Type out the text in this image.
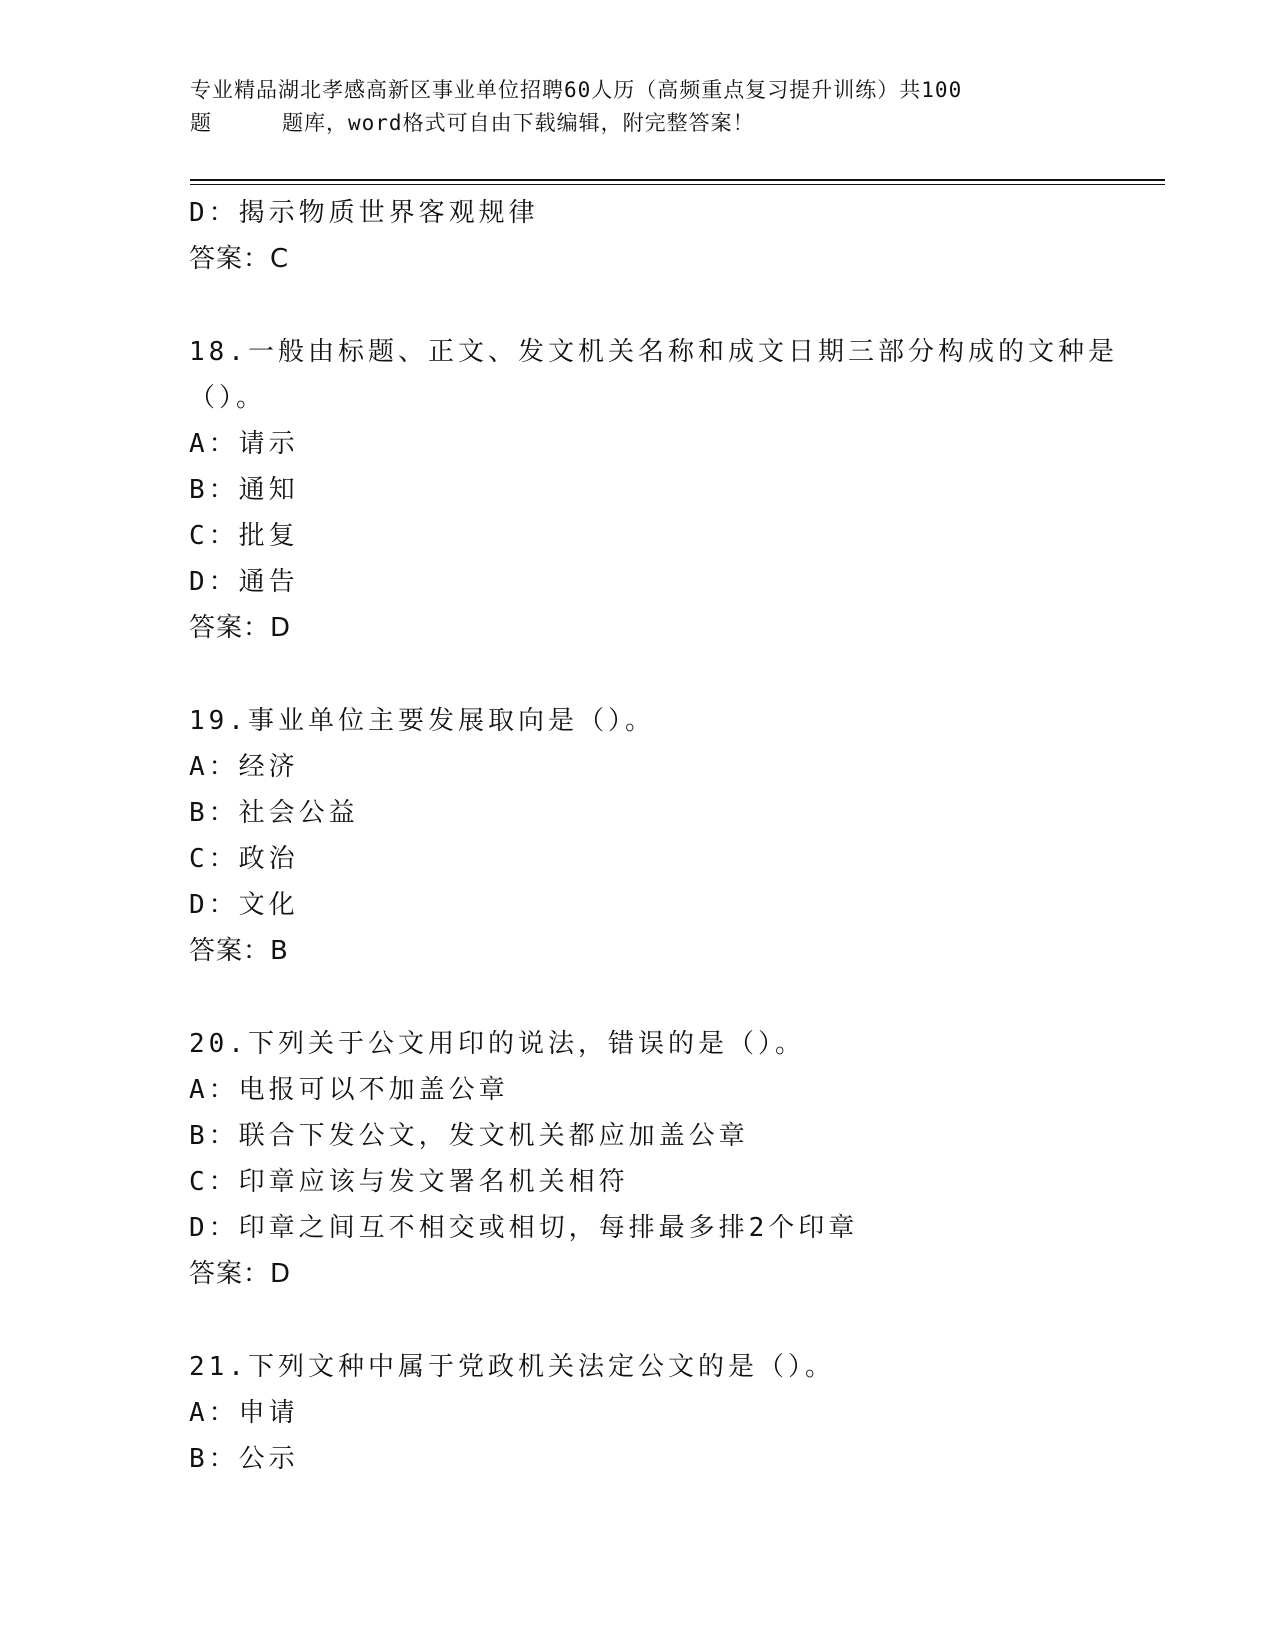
专业精品湖北孝感高新区事业单位招聘60人历（高频重点复习提升训练）共100
题	题库，word格式可自由下载编辑，附完整答案！
D：揭示物质世界客观规律
答案：C
18.一般由标题、正文、发文机关名称和成文日期三部分构成的文种是
（）。
A：请示
B：通知
C：批复
D：通告
答案：D
19.事业单位主要发展取向是（）。
A：经济
B：社会公益
C：政治
D：文化
答案：B
20.下列关于公文用印的说法，错误的是（）。
A：电报可以不加盖公章
B：联合下发公文，发文机关都应加盖公章
C：印章应该与发文署名机关相符
D：印章之间互不相交或相切，每排最多排2个印章
答案：D
21.下列文种中属于党政机关法定公文的是（）。
A：申请
B：公示
